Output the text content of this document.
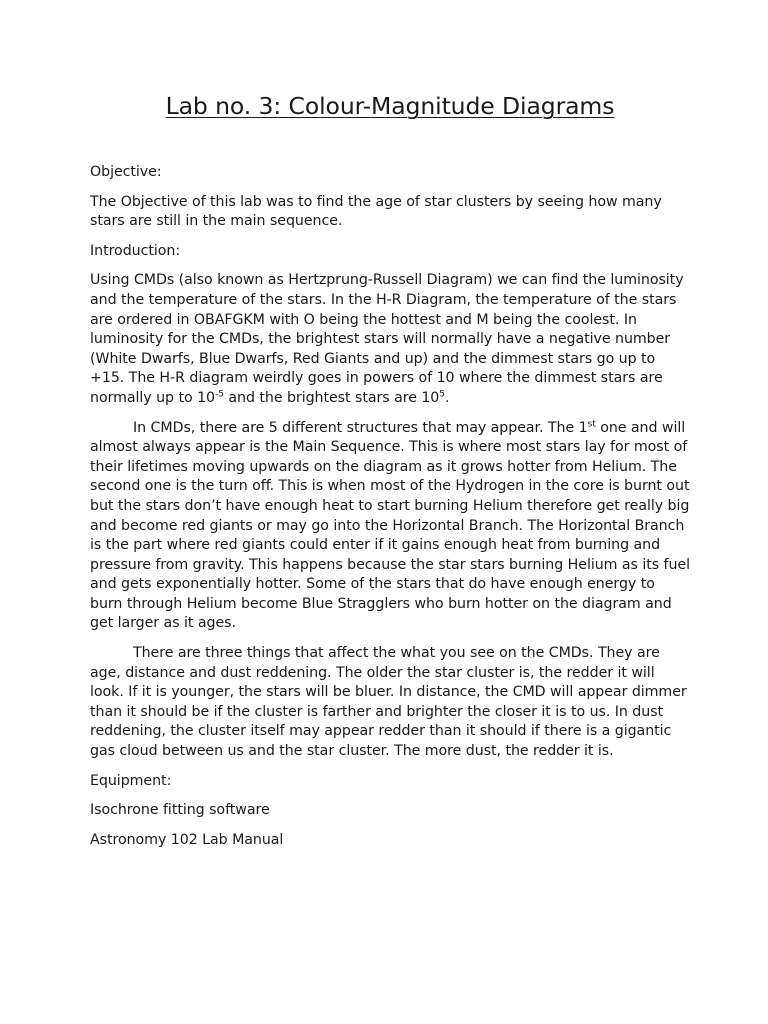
Lab no. 3: Colour-Magnitude Diagrams

Objective:

The Objective of this lab was to find the age of star clusters by seeing how many stars are still in the main sequence.

Introduction:

Using CMDs (also known as Hertzprung-Russell Diagram) we can find the luminosity and the temperature of the stars. In the H-R Diagram, the temperature of the stars are ordered in OBAFGKM with O being the hottest and M being the coolest. In luminosity for the CMDs, the brightest stars will normally have a negative number (White Dwarfs, Blue Dwarfs, Red Giants and up) and the dimmest stars go up to +15. The H-R diagram weirdly goes in powers of 10 where the dimmest stars are normally up to $10^{-5}$ and the brightest stars are $10^5$.

In CMDs, there are 5 different structures that may appear. The 1st one and will almost always appear is the Main Sequence. This is where most stars lay for most of their lifetimes moving upwards on the diagram as it grows hotter from Helium. The second one is the turn off. This is when most of the Hydrogen in the core is burnt out but the stars don’t have enough heat to start burning Helium therefore get really big and become red giants or may go into the Horizontal Branch. The Horizontal Branch is the part where red giants could enter if it gains enough heat from burning and pressure from gravity. This happens because the star stars burning Helium as its fuel and gets exponentially hotter. Some of the stars that do have enough energy to burn through Helium become Blue Stragglers who burn hotter on the diagram and get larger as it ages.

There are three things that affect the what you see on the CMDs. They are age, distance and dust reddening. The older the star cluster is, the redder it will look. If it is younger, the stars will be bluer. In distance, the CMD will appear dimmer than it should be if the cluster is farther and brighter the closer it is to us. In dust reddening, the cluster itself may appear redder than it should if there is a gigantic gas cloud between us and the star cluster. The more dust, the redder it is.

Equipment:

Isochrone fitting software

Astronomy 102 Lab Manual
